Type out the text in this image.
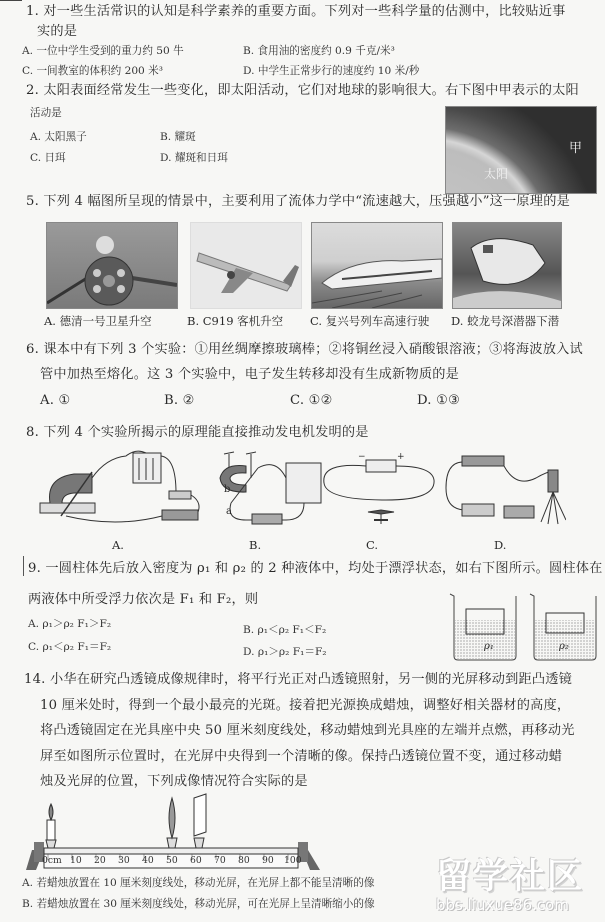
1. 对一些生活常识的认知是科学素养的重要方面。下列对一些科学量的估测中，比较贴近事
实的是
A. 一位中学生受到的重力约 50 牛	B. 食用油的密度约 0.9 千克/米³
C. 一间教室的体积约 200 米³	D. 中学生正常步行的速度约 10 米/秒
2. 太阳表面经常发生一些变化，即太阳活动，它们对地球的影响很大。右下图中甲表示的太阳
活动是
A. 太阳黑子	B. 耀斑
C. 日珥	D. 耀斑和日珥
甲
太阳
5. 下列 4 幅图所呈现的情景中，主要利用了流体力学中“流速越大，压强越小”这一原理的是
A. 德清一号卫星升空	B. C919 客机升空 C. 复兴号列车高速行驶 D. 蛟龙号深潜器下潜
6. 课本中有下列 3 个实验：①用丝绸摩擦玻璃棒；②将铜丝浸入硝酸银溶液；③将海波放入试
管中加热至熔化。这 3 个实验中，电子发生转移却没有生成新物质的是
A. ①	B. ②	C. ①②	D. ①③
8. 下列 4 个实验所揭示的原理能直接推动发电机发明的是
b
a
−	+
A.	B.	C.	D.
9. 一圆柱体先后放入密度为 ρ₁ 和 ρ₂ 的 2 种液体中，均处于漂浮状态，如右下图所示。圆柱体在
两液体中所受浮力依次是 F₁ 和 F₂，则
A. ρ₁＞ρ₂ F₁＞F₂	B. ρ₁＜ρ₂ F₁＜F₂
C. ρ₁＜ρ₂ F₁＝F₂	D. ρ₁＞ρ₂ F₁＝F₂	ρ₁	ρ₂
14. 小华在研究凸透镜成像规律时，将平行光正对凸透镜照射，另一侧的光屏移动到距凸透镜
10 厘米处时，得到一个最小最亮的光斑。接着把光源换成蜡烛，调整好相关器材的高度，
将凸透镜固定在光具座中央 50 厘米刻度线处，移动蜡烛到光具座的左端并点燃，再移动光
屏至如图所示位置时，在光屏中央得到一个清晰的像。保持凸透镜位置不变，通过移动蜡
烛及光屏的位置，下列成像情况符合实际的是
0cm 10 20 30 40 50 60 70 80 90 100
A. 若蜡烛放置在 10 厘米刻度线处，移动光屏，在光屏上都不能呈清晰的像
B. 若蜡烛放置在 30 厘米刻度线处，移动光屏，可在光屏上呈清晰缩小的像
留学社区
bbs.liuxue86.com
